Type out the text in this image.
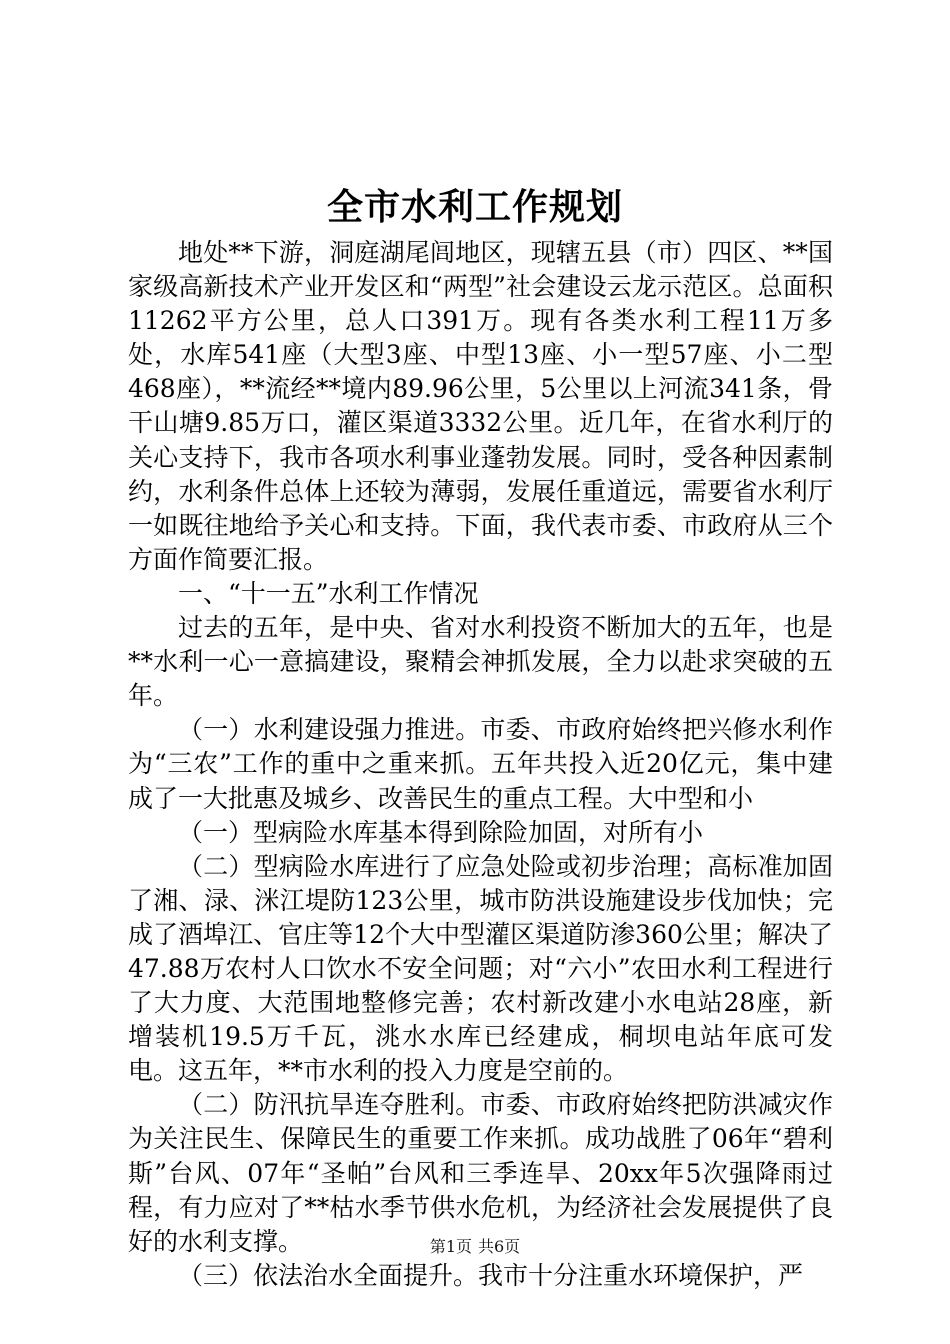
全市水利工作规划

地处**下游，洞庭湖尾闾地区，现辖五县（市）四区、**国家级高新技术产业开发区和“两型”社会建设云龙示范区。总面积11262平方公里，总人口391万。现有各类水利工程11万多处，水库541座（大型3座、中型13座、小一型57座、小二型468座），**流经**境内89.96公里，5公里以上河流341条，骨干山塘9.85万口，灌区渠道3332公里。近几年，在省水利厅的关心支持下，我市各项水利事业蓬勃发展。同时，受各种因素制约，水利条件总体上还较为薄弱，发展任重道远，需要省水利厅一如既往地给予关心和支持。下面，我代表市委、市政府从三个方面作简要汇报。

一、“十一五”水利工作情况

过去的五年，是中央、省对水利投资不断加大的五年，也是**水利一心一意搞建设，聚精会神抓发展，全力以赴求突破的五年。

（一）水利建设强力推进。市委、市政府始终把兴修水利作为“三农”工作的重中之重来抓。五年共投入近20亿元，集中建成了一大批惠及城乡、改善民生的重点工程。大中型和小

（一）型病险水库基本得到除险加固，对所有小

（二）型病险水库进行了应急处险或初步治理；高标准加固了湘、渌、洣江堤防123公里，城市防洪设施建设步伐加快；完成了酒埠江、官庄等12个大中型灌区渠道防渗360公里；解决了47.88万农村人口饮水不安全问题；对“六小”农田水利工程进行了大力度、大范围地整修完善；农村新改建小水电站28座，新增装机19.5万千瓦，洮水水库已经建成，桐坝电站年底可发电。这五年，**市水利的投入力度是空前的。

（二）防汛抗旱连夺胜利。市委、市政府始终把防洪减灾作为关注民生、保障民生的重要工作来抓。成功战胜了06年“碧利斯”台风、07年“圣帕”台风和三季连旱、20xx年5次强降雨过程，有力应对了**枯水季节供水危机，为经济社会发展提供了良好的水利支撑。

（三）依法治水全面提升。我市十分注重水环境保护，严

第1页 共6页
